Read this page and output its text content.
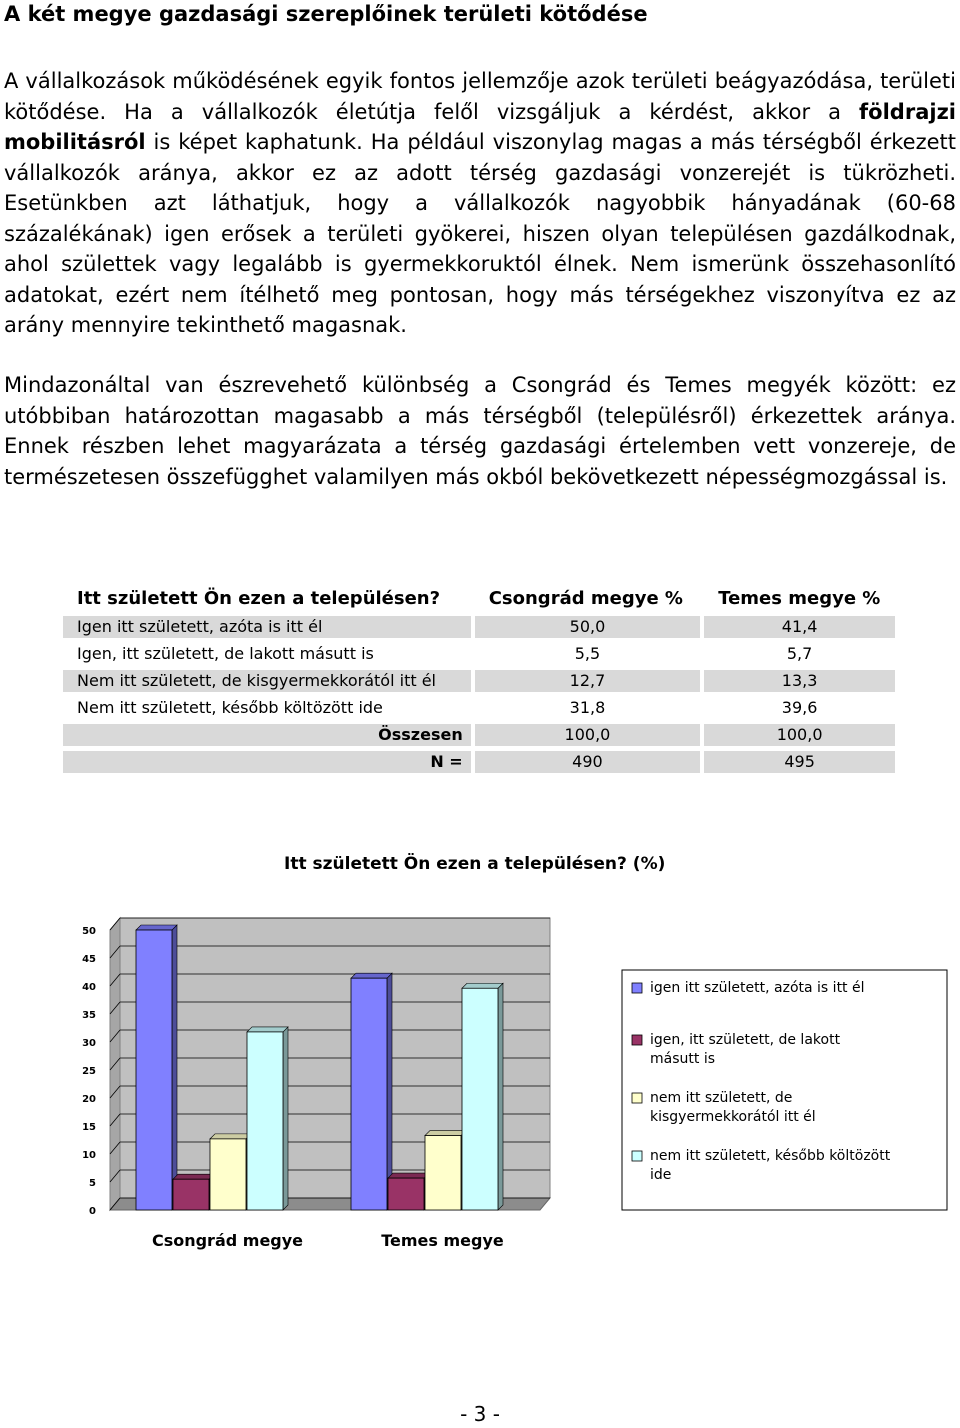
A két megye gazdasági szereplőinek területi kötődése

A vállalkozások működésének egyik fontos jellemzője azok területi beágyazódása, területi kötődése. Ha a vállalkozók életútja felől vizsgáljuk a kérdést, akkor a földrajzi mobilitásról is képet kaphatunk. Ha például viszonylag magas a más térségből érkezett vállalkozók aránya, akkor ez az adott térség gazdasági vonzerejét is tükrözheti. Esetünkben azt láthatjuk, hogy a vállalkozók nagyobbik hányadának (60-68 százalékának) igen erősek a területi gyökerei, hiszen olyan településen gazdálkodnak, ahol születtek vagy legalább is gyermekkoruktól élnek. Nem ismerünk összehasonlító adatokat, ezért nem ítélhető meg pontosan, hogy más térségekhez viszonyítva ez az arány mennyire tekinthető magasnak.

Mindazonáltal van észrevehető különbség a Csongrád és Temes megyék között: ez utóbbiban határozottan magasabb a más térségből (településről) érkezettek aránya. Ennek részben lehet magyarázata a térség gazdasági értelemben vett vonzereje, de természetesen összefügghet valamilyen más okból bekövetkezett népességmozgással is.

Itt született Ön ezen a településen?	Csongrád megye %	Temes megye %
Igen itt született, azóta is itt él	50,0	41,4
Igen, itt született, de lakott másutt is	5,5	5,7
Nem itt született, de kisgyermekkorától itt él	12,7	13,3
Nem itt született, később költözött ide	31,8	39,6
Összesen	100,0	100,0
N =	490	495
Itt született Ön ezen a településen? (%)
0
5
10
15
20
25
30
35
40
45
50
Csongrád megye	Temes megye
igen itt született, azóta is itt él
igen, itt született, de lakott másutt is
nem itt született, de kisgyermekkorától itt él
nem itt született, később költözött ide
- 3 -
